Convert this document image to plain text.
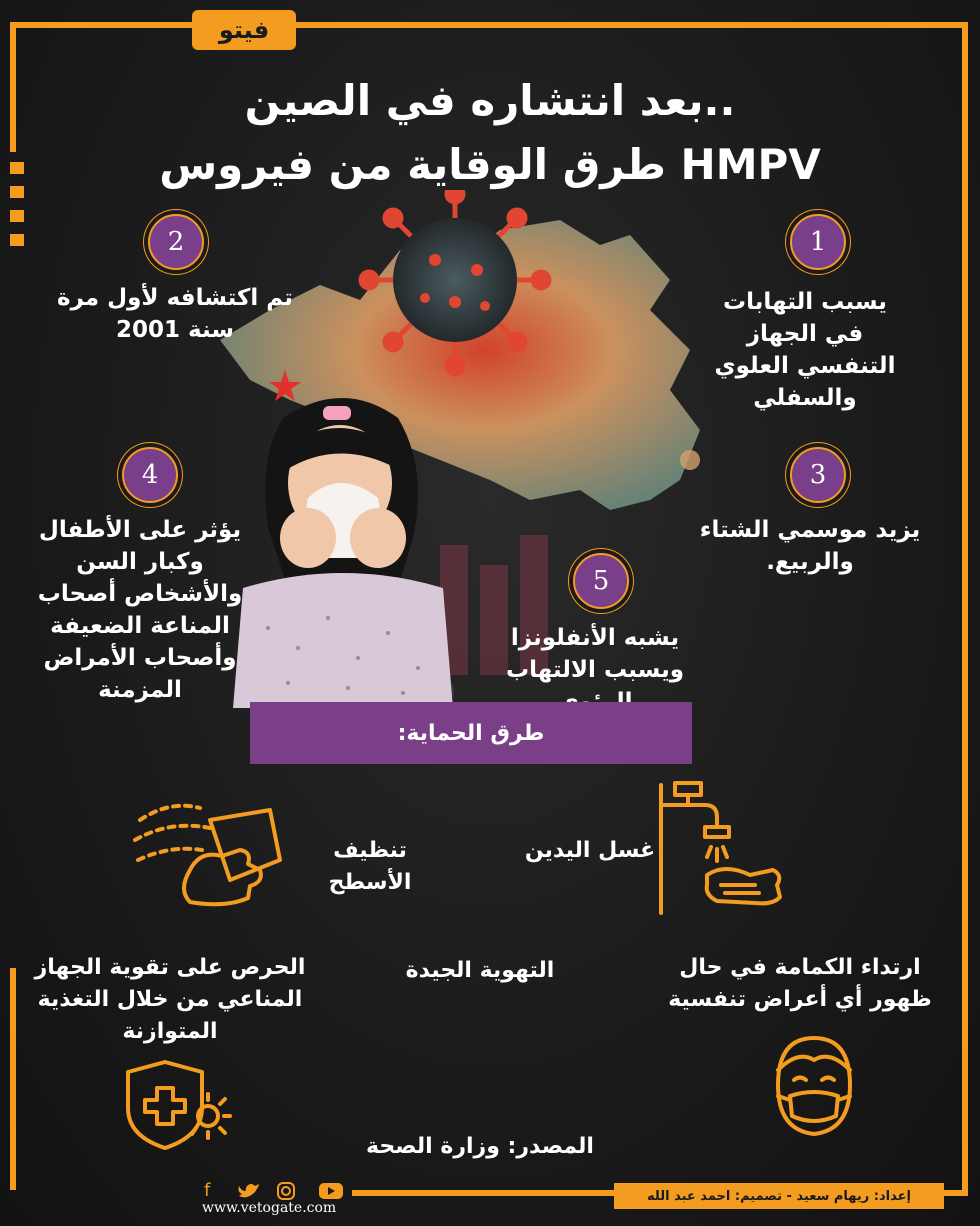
فيتو
بعد انتشاره في الصين..
طرق الوقاية من فيروس HMPV
1
2
3
4
5
يسبب التهابات في الجهاز التنفسي العلوي والسفلي
تم اكتشافه لأول مرة سنة 2001
يزيد موسمي الشتاء والربيع.
يؤثر على الأطفال وكبار السن والأشخاص أصحاب المناعة الضعيفة وأصحاب الأمراض المزمنة
يشبه الأنفلونزا ويسبب الالتهاب
طرق الحماية:
غسل اليدين
تنظيف الأسطح
ارتداء الكمامة في حال ظهور أي أعراض تنفسية
التهوية الجيدة
الحرص على تقوية الجهاز المناعي من خلال التغذية المتوازنة
المصدر: وزارة الصحة
f	إعداد: ريهام سعيد - تصميم: احمد عبد الله
www.vetogate.com
